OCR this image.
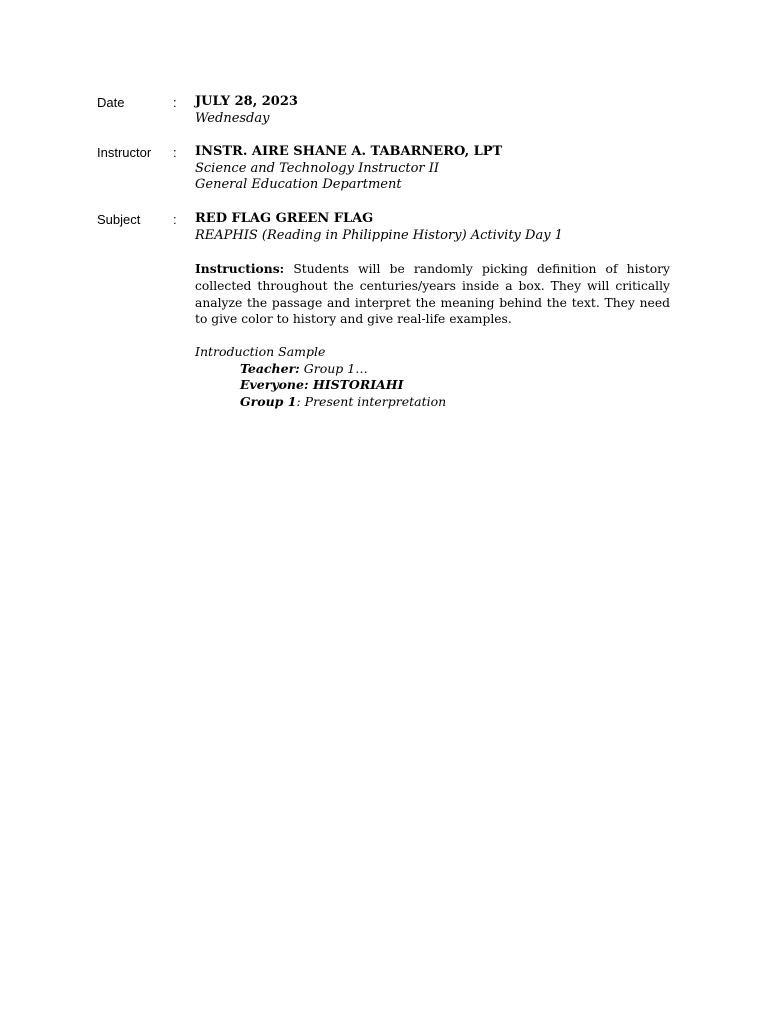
Date	: JULY 28, 2023
Wednesday
Instructor : INSTR. AIRE SHANE A. TABARNERO, LPT
Science and Technology Instructor II
General Education Department
Subject	: RED FLAG GREEN FLAG
REAPHIS (Reading in Philippine History) Activity Day 1

Instructions: Students will be randomly picking definition of history collected throughout the centuries/years inside a box. They will critically analyze the passage and interpret the meaning behind the text. They need to give color to history and give real-life examples.

Introduction Sample
Teacher: Group 1…
Everyone: HISTORIAHI
Group 1: Present interpretation
